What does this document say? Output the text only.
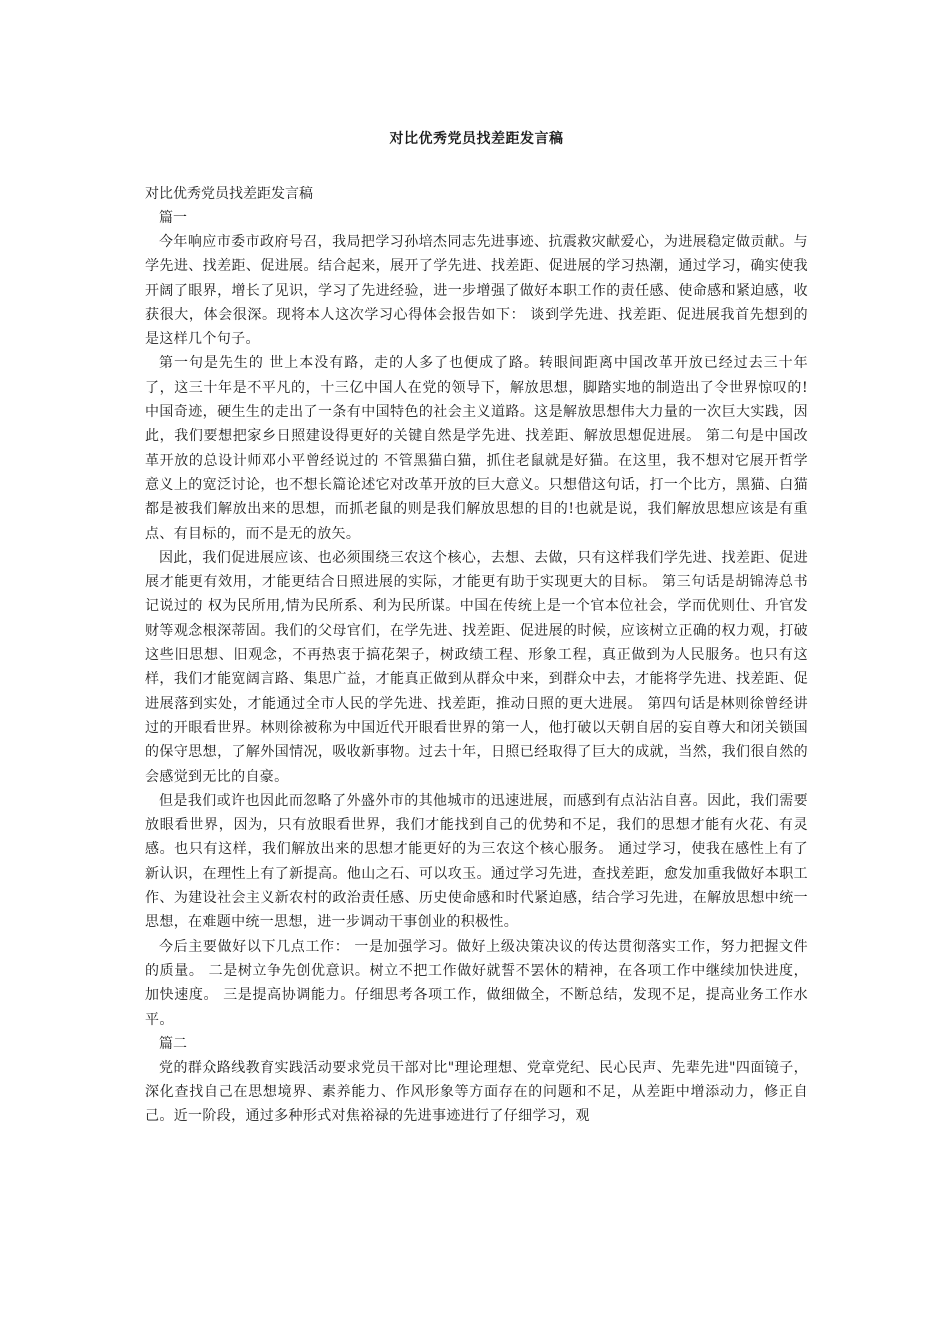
对比优秀党员找差距发言稿

对比优秀党员找差距发言稿

篇一

今年响应市委市政府号召，我局把学习孙培杰同志先进事迹、抗震救灾献爱心，为进展稳定做贡献。与学先进、找差距、促进展。结合起来，展开了学先进、找差距、促进展的学习热潮，通过学习，确实使我开阔了眼界，增长了见识，学习了先进经验，进一步增强了做好本职工作的责任感、使命感和紧迫感，收获很大，体会很深。现将本人这次学习心得体会报告如下： 谈到学先进、找差距、促进展我首先想到的是这样几个句子。

第一句是先生的 世上本没有路，走的人多了也便成了路。转眼间距离中国改革开放已经过去三十年了，这三十年是不平凡的，十三亿中国人在党的领导下，解放思想，脚踏实地的制造出了令世界惊叹的!中国奇迹，硬生生的走出了一条有中国特色的社会主义道路。这是解放思想伟大力量的一次巨大实践，因此，我们要想把家乡日照建设得更好的关键自然是学先进、找差距、解放思想促进展。 第二句是中国改革开放的总设计师邓小平曾经说过的 不管黑猫白猫，抓住老鼠就是好猫。在这里，我不想对它展开哲学意义上的宽泛讨论，也不想长篇论述它对改革开放的巨大意义。只想借这句话，打一个比方，黑猫、白猫都是被我们解放出来的思想，而抓老鼠的则是我们解放思想的目的!也就是说，我们解放思想应该是有重点、有目标的，而不是无的放矢。

因此，我们促进展应该、也必须围绕三农这个核心，去想、去做，只有这样我们学先进、找差距、促进展才能更有效用，才能更结合日照进展的实际，才能更有助于实现更大的目标。 第三句话是胡锦涛总书记说过的 权为民所用,情为民所系、利为民所谋。中国在传统上是一个官本位社会，学而优则仕、升官发财等观念根深蒂固。我们的父母官们，在学先进、找差距、促进展的时候，应该树立正确的权力观，打破这些旧思想、旧观念，不再热衷于搞花架子，树政绩工程、形象工程，真正做到为人民服务。也只有这样，我们才能宽阔言路、集思广益，才能真正做到从群众中来，到群众中去，才能将学先进、找差距、促进展落到实处，才能通过全市人民的学先进、找差距，推动日照的更大进展。 第四句话是林则徐曾经讲过的开眼看世界。林则徐被称为中国近代开眼看世界的第一人，他打破以天朝自居的妄自尊大和闭关锁国的保守思想，了解外国情况，吸收新事物。过去十年，日照已经取得了巨大的成就，当然，我们很自然的会感觉到无比的自豪。

但是我们或许也因此而忽略了外盛外市的其他城市的迅速进展，而感到有点沾沾自喜。因此，我们需要放眼看世界，因为，只有放眼看世界，我们才能找到自己的优势和不足，我们的思想才能有火花、有灵感。也只有这样，我们解放出来的思想才能更好的为三农这个核心服务。 通过学习，使我在感性上有了新认识，在理性上有了新提高。他山之石、可以攻玉。通过学习先进，查找差距，愈发加重我做好本职工作、为建设社会主义新农村的政治责任感、历史使命感和时代紧迫感，结合学习先进，在解放思想中统一思想，在难题中统一思想，进一步调动干事创业的积极性。

今后主要做好以下几点工作： 一是加强学习。做好上级决策决议的传达贯彻落实工作，努力把握文件的质量。 二是树立争先创优意识。树立不把工作做好就誓不罢休的精神，在各项工作中继续加快进度，加快速度。 三是提高协调能力。仔细思考各项工作，做细做全，不断总结，发现不足，提高业务工作水平。

篇二

党的群众路线教育实践活动要求党员干部对比"理论理想、党章党纪、民心民声、先辈先进"四面镜子，深化查找自己在思想境界、素养能力、作风形象等方面存在的问题和不足，从差距中增添动力，修正自己。近一阶段，通过多种形式对焦裕禄的先进事迹进行了仔细学习，观
